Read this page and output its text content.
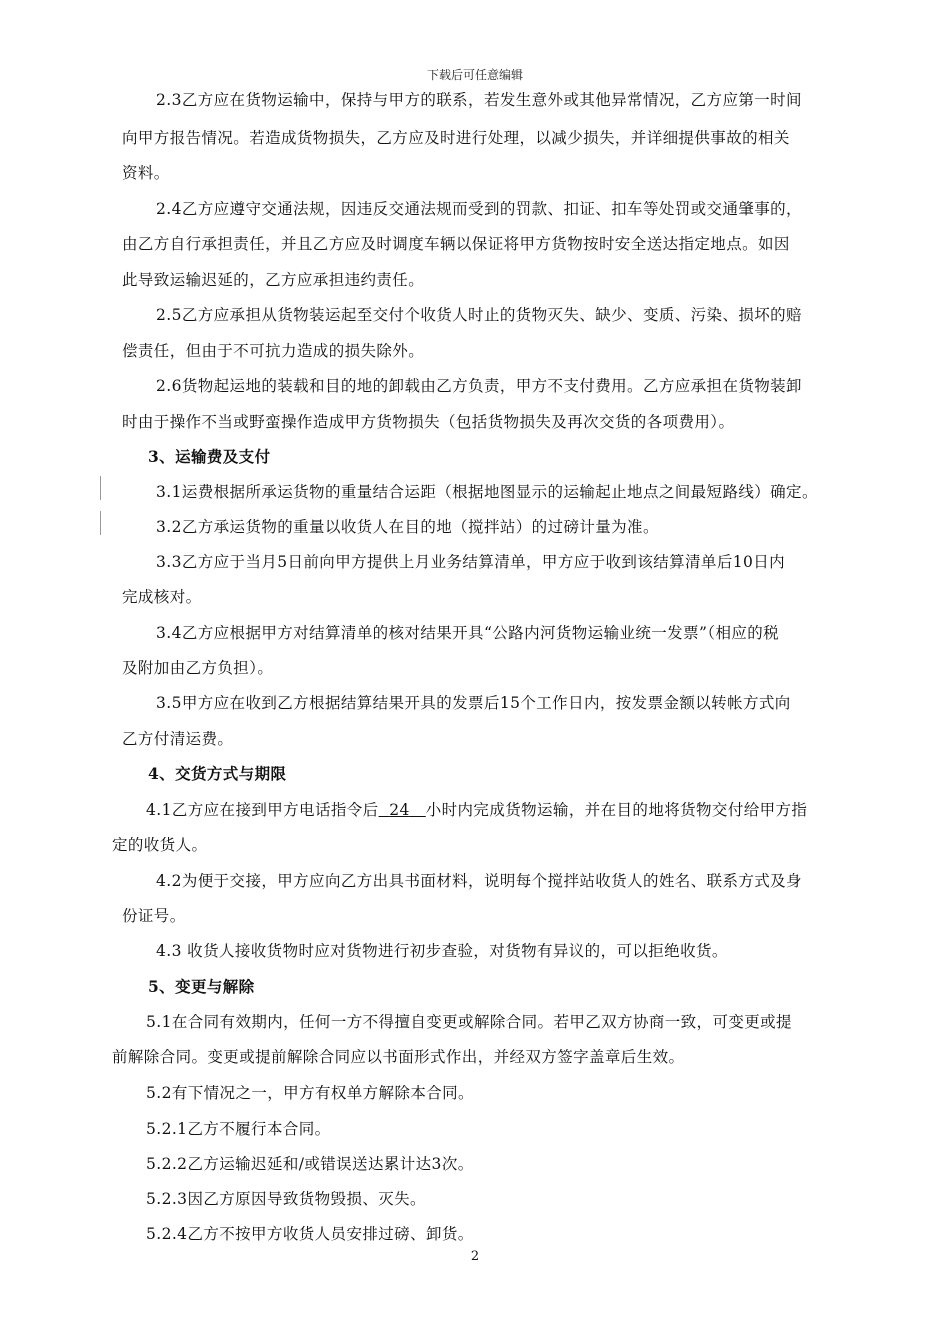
下载后可任意编辑
2.3乙方应在货物运输中，保持与甲方的联系，若发生意外或其他异常情况，乙方应第一时间
向甲方报告情况。若造成货物损失，乙方应及时进行处理，以减少损失，并详细提供事故的相关
资料。
2.4乙方应遵守交通法规，因违反交通法规而受到的罚款、扣证、扣车等处罚或交通肇事的，
由乙方自行承担责任，并且乙方应及时调度车辆以保证将甲方货物按时安全送达指定地点。如因
此导致运输迟延的，乙方应承担违约责任。
2.5乙方应承担从货物装运起至交付个收货人时止的货物灭失、缺少、变质、污染、损坏的赔
偿责任，但由于不可抗力造成的损失除外。
2.6货物起运地的装载和目的地的卸载由乙方负责，甲方不支付费用。乙方应承担在货物装卸
时由于操作不当或野蛮操作造成甲方货物损失（包括货物损失及再次交货的各项费用）。
3、运输费及支付
3.1运费根据所承运货物的重量结合运距（根据地图显示的运输起止地点之间最短路线）确定。
3.2乙方承运货物的重量以收货人在目的地（搅拌站）的过磅计量为准。
3.3乙方应于当月5日前向甲方提供上月业务结算清单，甲方应于收到该结算清单后10日内
完成核对。
3.4乙方应根据甲方对结算清单的核对结果开具“公路内河货物运输业统一发票”（相应的税
及附加由乙方负担）。
3.5甲方应在收到乙方根据结算结果开具的发票后15个工作日内，按发票金额以转帐方式向
乙方付清运费。
4、交货方式与期限
4.1乙方应在接到甲方电话指令后 24 小时内完成货物运输，并在目的地将货物交付给甲方指
定的收货人。
4.2为便于交接，甲方应向乙方出具书面材料，说明每个搅拌站收货人的姓名、联系方式及身
份证号。
4.3 收货人接收货物时应对货物进行初步查验，对货物有异议的，可以拒绝收货。
5、变更与解除
5.1在合同有效期内，任何一方不得擅自变更或解除合同。若甲乙双方协商一致，可变更或提
前解除合同。变更或提前解除合同应以书面形式作出，并经双方签字盖章后生效。
5.2有下情况之一，甲方有权单方解除本合同。
5.2.1乙方不履行本合同。
5.2.2乙方运输迟延和/或错误送达累计达3次。
5.2.3因乙方原因导致货物毁损、灭失。
5.2.4乙方不按甲方收货人员安排过磅、卸货。
2
